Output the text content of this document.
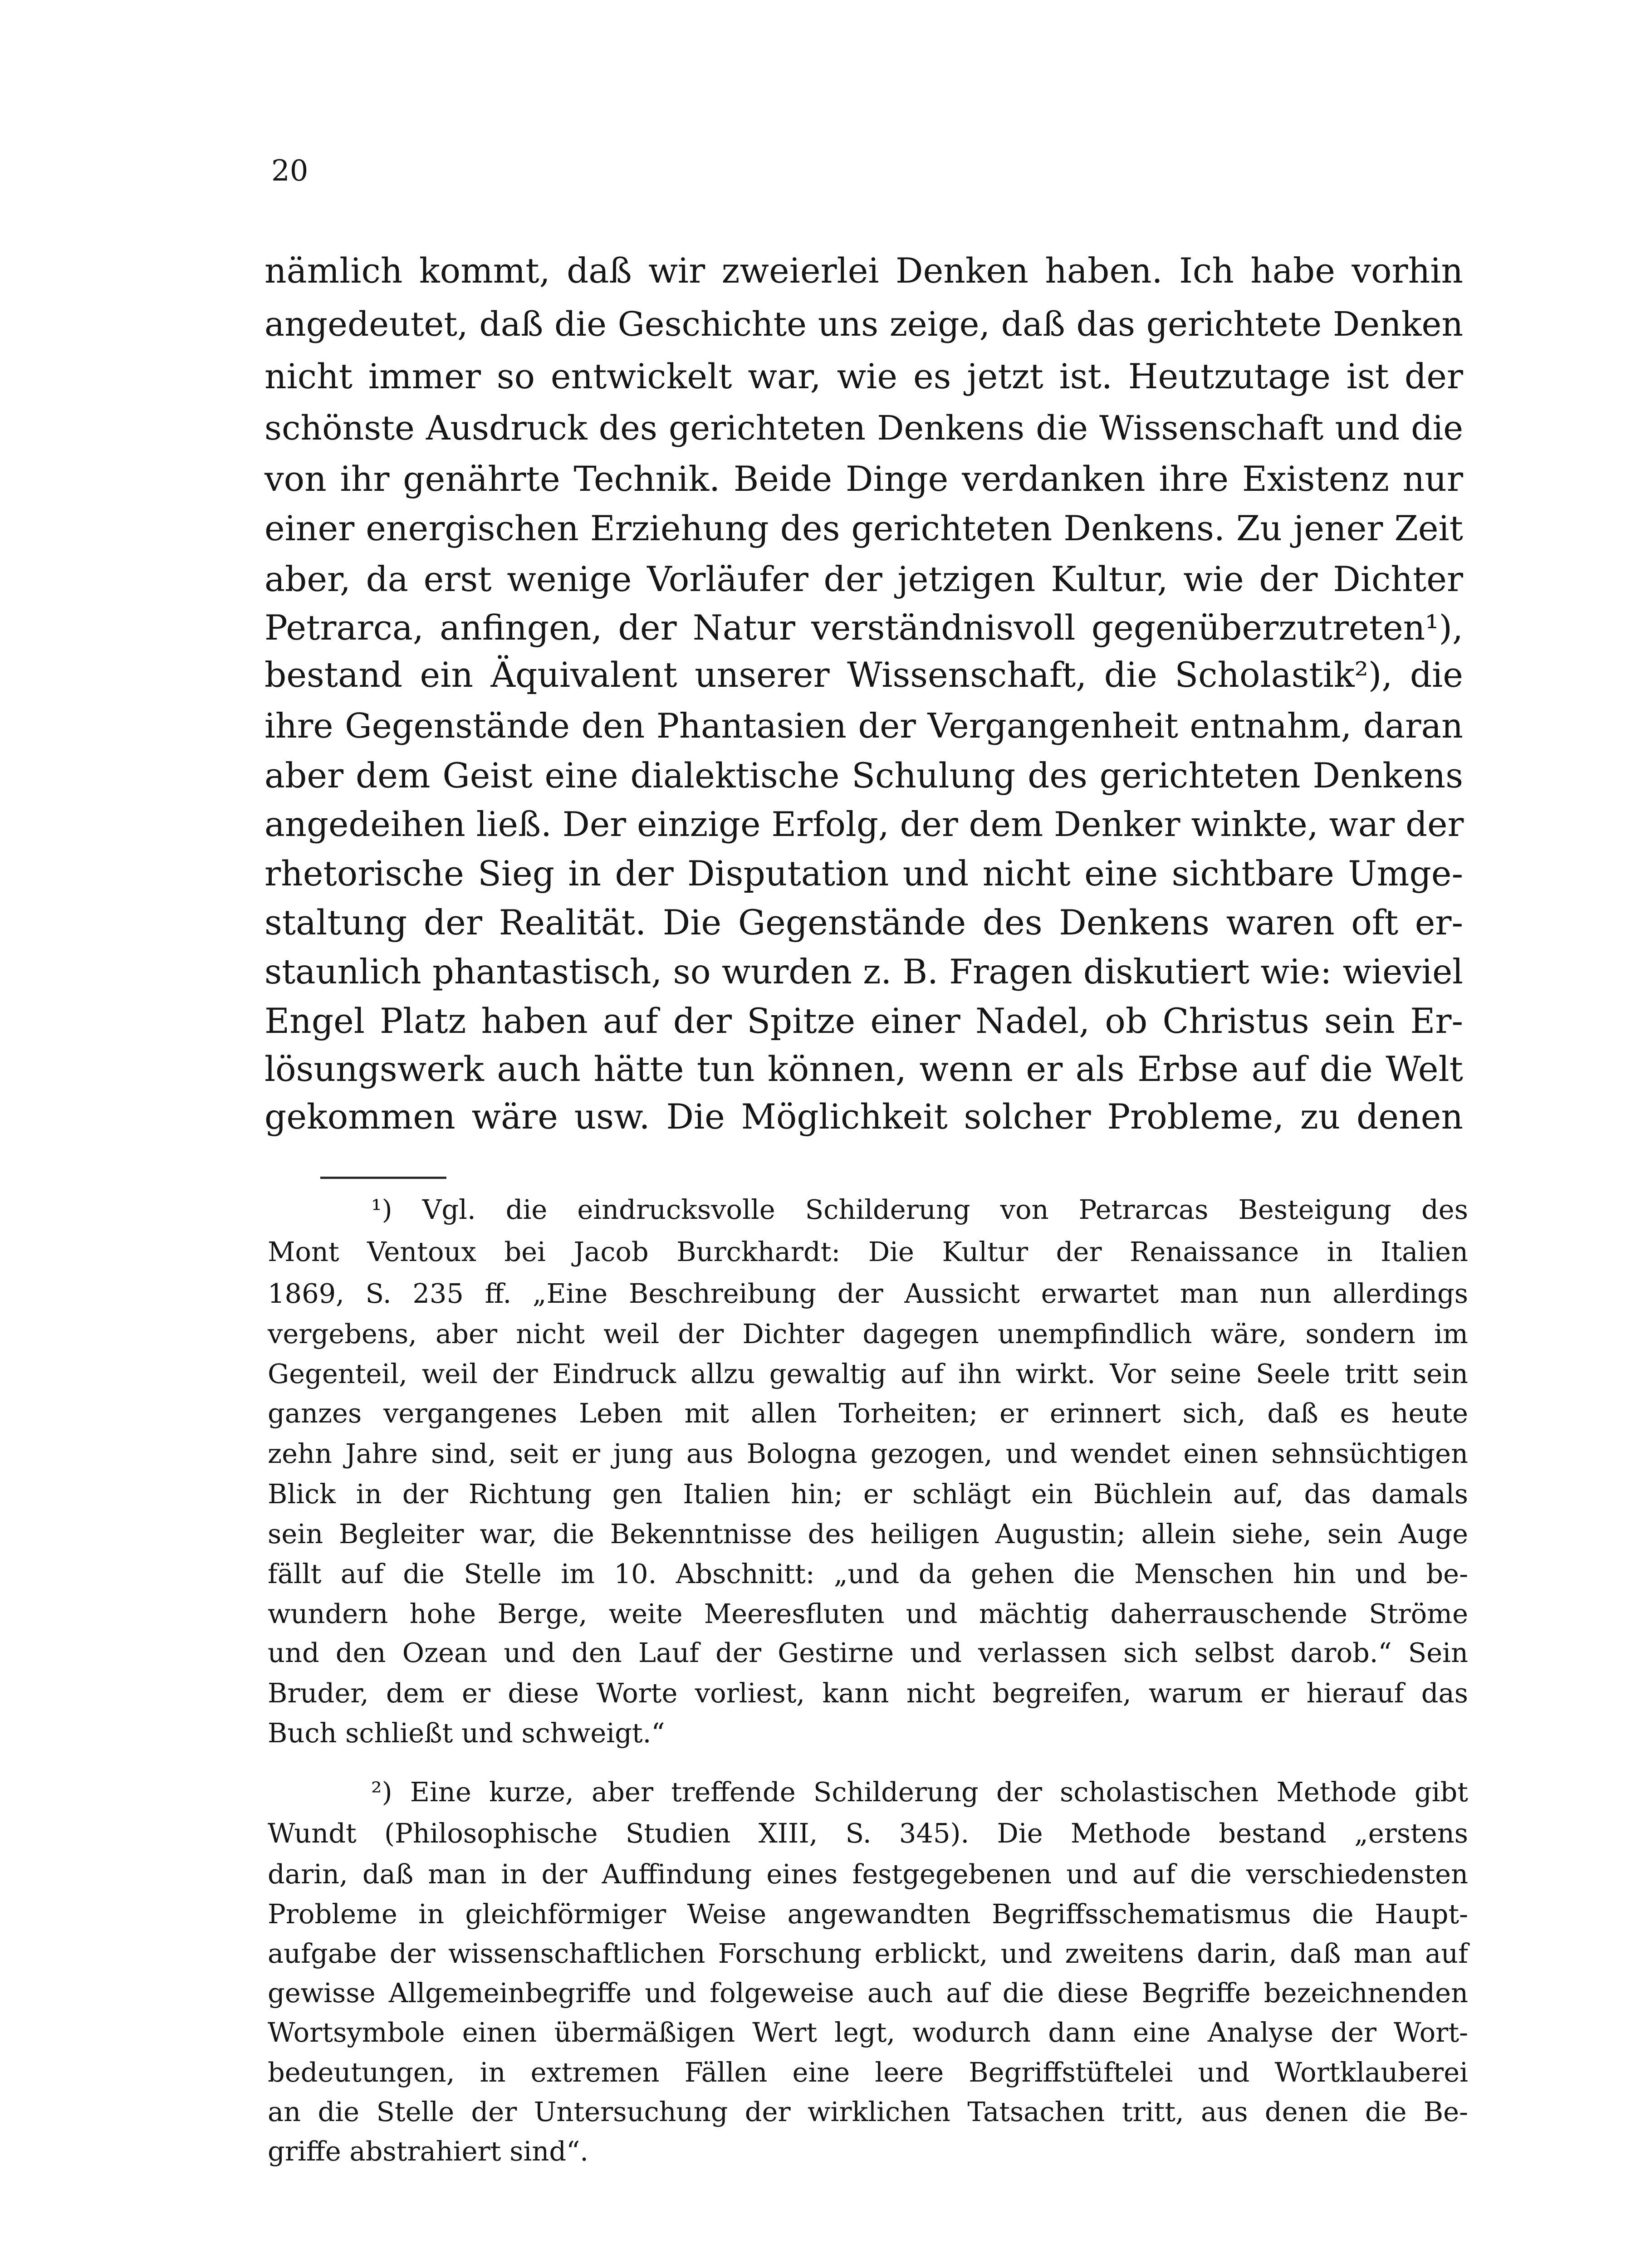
20
nämlich kommt, daß wir zweierlei Denken haben. Ich habe vorhin
angedeutet, daß die Geschichte uns zeige, daß das gerichtete Denken
nicht immer so entwickelt war, wie es jetzt ist. Heutzutage ist der
schönste Ausdruck des gerichteten Denkens die Wissenschaft und die
von ihr genährte Technik. Beide Dinge verdanken ihre Existenz nur
einer energischen Erziehung des gerichteten Denkens. Zu jener Zeit
aber, da erst wenige Vorläufer der jetzigen Kultur, wie der Dichter
Petrarca, anfingen, der Natur verständnisvoll gegenüberzutreten¹),
bestand ein Äquivalent unserer Wissenschaft, die Scholastik²), die
ihre Gegenstände den Phantasien der Vergangenheit entnahm, daran
aber dem Geist eine dialektische Schulung des gerichteten Denkens
angedeihen ließ. Der einzige Erfolg, der dem Denker winkte, war der
rhetorische Sieg in der Disputation und nicht eine sichtbare Umge-
staltung der Realität. Die Gegenstände des Denkens waren oft er-
staunlich phantastisch, so wurden z. B. Fragen diskutiert wie: wieviel
Engel Platz haben auf der Spitze einer Nadel, ob Christus sein Er-
lösungswerk auch hätte tun können, wenn er als Erbse auf die Welt
gekommen wäre usw. Die Möglichkeit solcher Probleme, zu denen
¹) Vgl. die eindrucksvolle Schilderung von Petrarcas Besteigung des
Mont Ventoux bei Jacob Burckhardt: Die Kultur der Renaissance in Italien
1869, S. 235 ff. „Eine Beschreibung der Aussicht erwartet man nun allerdings
vergebens, aber nicht weil der Dichter dagegen unempfindlich wäre, sondern im
Gegenteil, weil der Eindruck allzu gewaltig auf ihn wirkt. Vor seine Seele tritt sein
ganzes vergangenes Leben mit allen Torheiten; er erinnert sich, daß es heute
zehn Jahre sind, seit er jung aus Bologna gezogen, und wendet einen sehnsüchtigen
Blick in der Richtung gen Italien hin; er schlägt ein Büchlein auf, das damals
sein Begleiter war, die Bekenntnisse des heiligen Augustin; allein siehe, sein Auge
fällt auf die Stelle im 10. Abschnitt: „und da gehen die Menschen hin und be-
wundern hohe Berge, weite Meeresfluten und mächtig daherrauschende Ströme
und den Ozean und den Lauf der Gestirne und verlassen sich selbst darob.“ Sein
Bruder, dem er diese Worte vorliest, kann nicht begreifen, warum er hierauf das
Buch schließt und schweigt.“
²) Eine kurze, aber treffende Schilderung der scholastischen Methode gibt
Wundt (Philosophische Studien XIII, S. 345). Die Methode bestand „erstens
darin, daß man in der Auffindung eines festgegebenen und auf die verschiedensten
Probleme in gleichförmiger Weise angewandten Begriffsschematismus die Haupt-
aufgabe der wissenschaftlichen Forschung erblickt, und zweitens darin, daß man auf
gewisse Allgemeinbegriffe und folgeweise auch auf die diese Begriffe bezeichnenden
Wortsymbole einen übermäßigen Wert legt, wodurch dann eine Analyse der Wort-
bedeutungen, in extremen Fällen eine leere Begriffstüftelei und Wortklauberei
an die Stelle der Untersuchung der wirklichen Tatsachen tritt, aus denen die Be-
griffe abstrahiert sind“.
